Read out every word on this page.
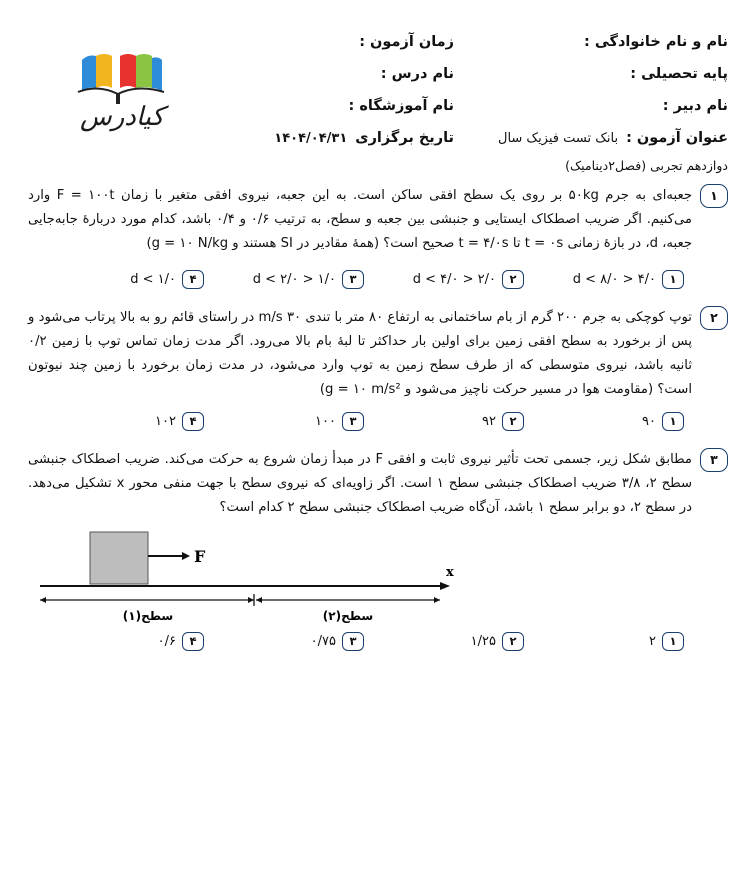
نام و نام خانوادگی :
زمان آزمون :
پایه تحصیلی :
نام درس :
نام دبیر :
نام آموزشگاه :
عنوان آزمون :بانک تست فیزیک سال
تاریخ برگزاری۱۴۰۴/۰۴/۳۱
دوازدهم تجربی (فصل۲دینامیک)
کیادرس
۱
جعبه‌ای به جرم ۵۰kg بر روی یک سطح افقی ساکن است. به این جعبه، نیروی افقی متغیر با زمان F = ۱۰۰t وارد می‌کنیم. اگر ضریب اصطکاک ایستایی و جنبشی بین جعبه و سطح، به ترتیب ۰/۶ و ۰/۴ باشد، کدام مورد دربارهٔ جابه‌جایی جعبه، d، در بازهٔ زمانی t = ۰s تا t = ۴/۰s صحیح است؟ (همهٔ مقادیر در SI هستند و g = ۱۰ N/kg)
۱۴/۰ < d < ۸/۰
۲۲/۰ < d < ۴/۰
۳۱/۰ < d < ۲/۰
۴d < ۱/۰
۲
توپ کوچکی به جرم ۲۰۰ گرم از بام ساختمانی به ارتفاع ۸۰ متر با تندی ۳۰ m/s در راستای قائم رو به بالا پرتاب می‌شود و پس از برخورد به سطح افقی زمین برای اولین بار حداکثر تا لبهٔ بام بالا می‌رود. اگر مدت زمان تماس توپ با زمین ۰/۲ ثانیه باشد، نیروی متوسطی که از طرف سطح زمین به توپ وارد می‌شود، در مدت زمان برخورد با زمین چند نیوتون است؟ (مقاومت هوا در مسیر حرکت ناچیز می‌شود و g = ۱۰ m/s²)
۱۹۰
۲۹۲
۳۱۰۰
۴۱۰۲
۳
مطابق شکل زیر، جسمی تحت تأثیر نیروی ثابت و افقی F در مبدأ زمان شروع به حرکت می‌کند. ضریب اصطکاک جنبشی سطح ۲، ۳/۸ ضریب اصطکاک جنبشی سطح ۱ است. اگر زاویه‌ای که نیروی سطح با جهت منفی محور x تشکیل می‌دهد. در سطح ۲، دو برابر سطح ۱ باشد، آن‌گاه ضریب اصطکاک جنبشی سطح ۲ کدام است؟
F
x
سطح(۱)	سطح(۲)
۱۲
۲۱/۲۵
۳۰/۷۵
۴۰/۶
